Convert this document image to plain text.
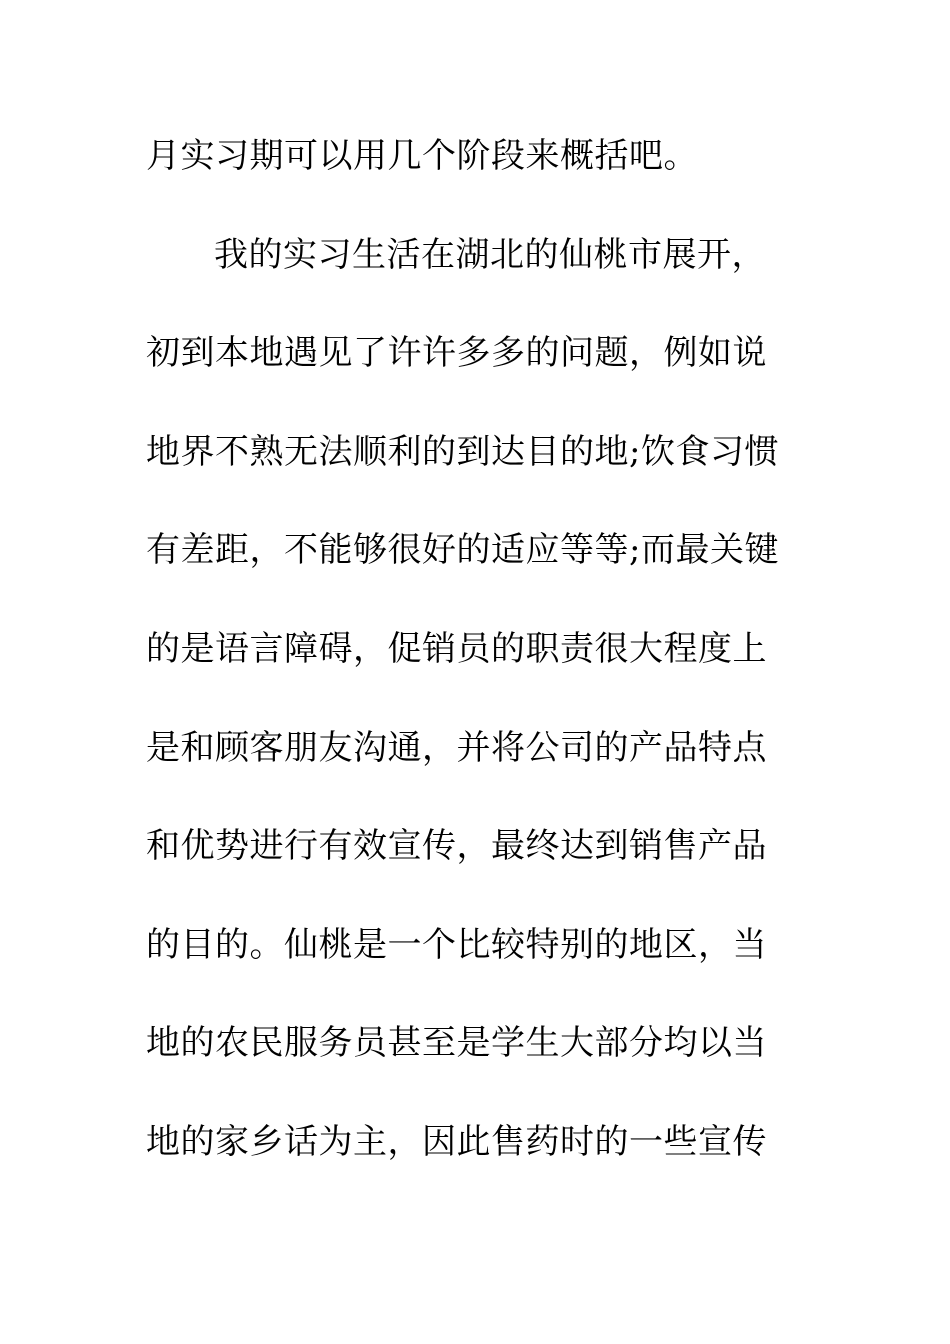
月实习期可以用几个阶段来概括吧。
我的实习生活在湖北的仙桃市展开，
初到本地遇见了许许多多的问题，例如说
地界不熟无法顺利的到达目的地;饮食习惯
有差距，不能够很好的适应等等;而最关键
的是语言障碍，促销员的职责很大程度上
是和顾客朋友沟通，并将公司的产品特点
和优势进行有效宣传，最终达到销售产品
的目的。仙桃是一个比较特别的地区，当
地的农民服务员甚至是学生大部分均以当
地的家乡话为主，因此售药时的一些宣传
